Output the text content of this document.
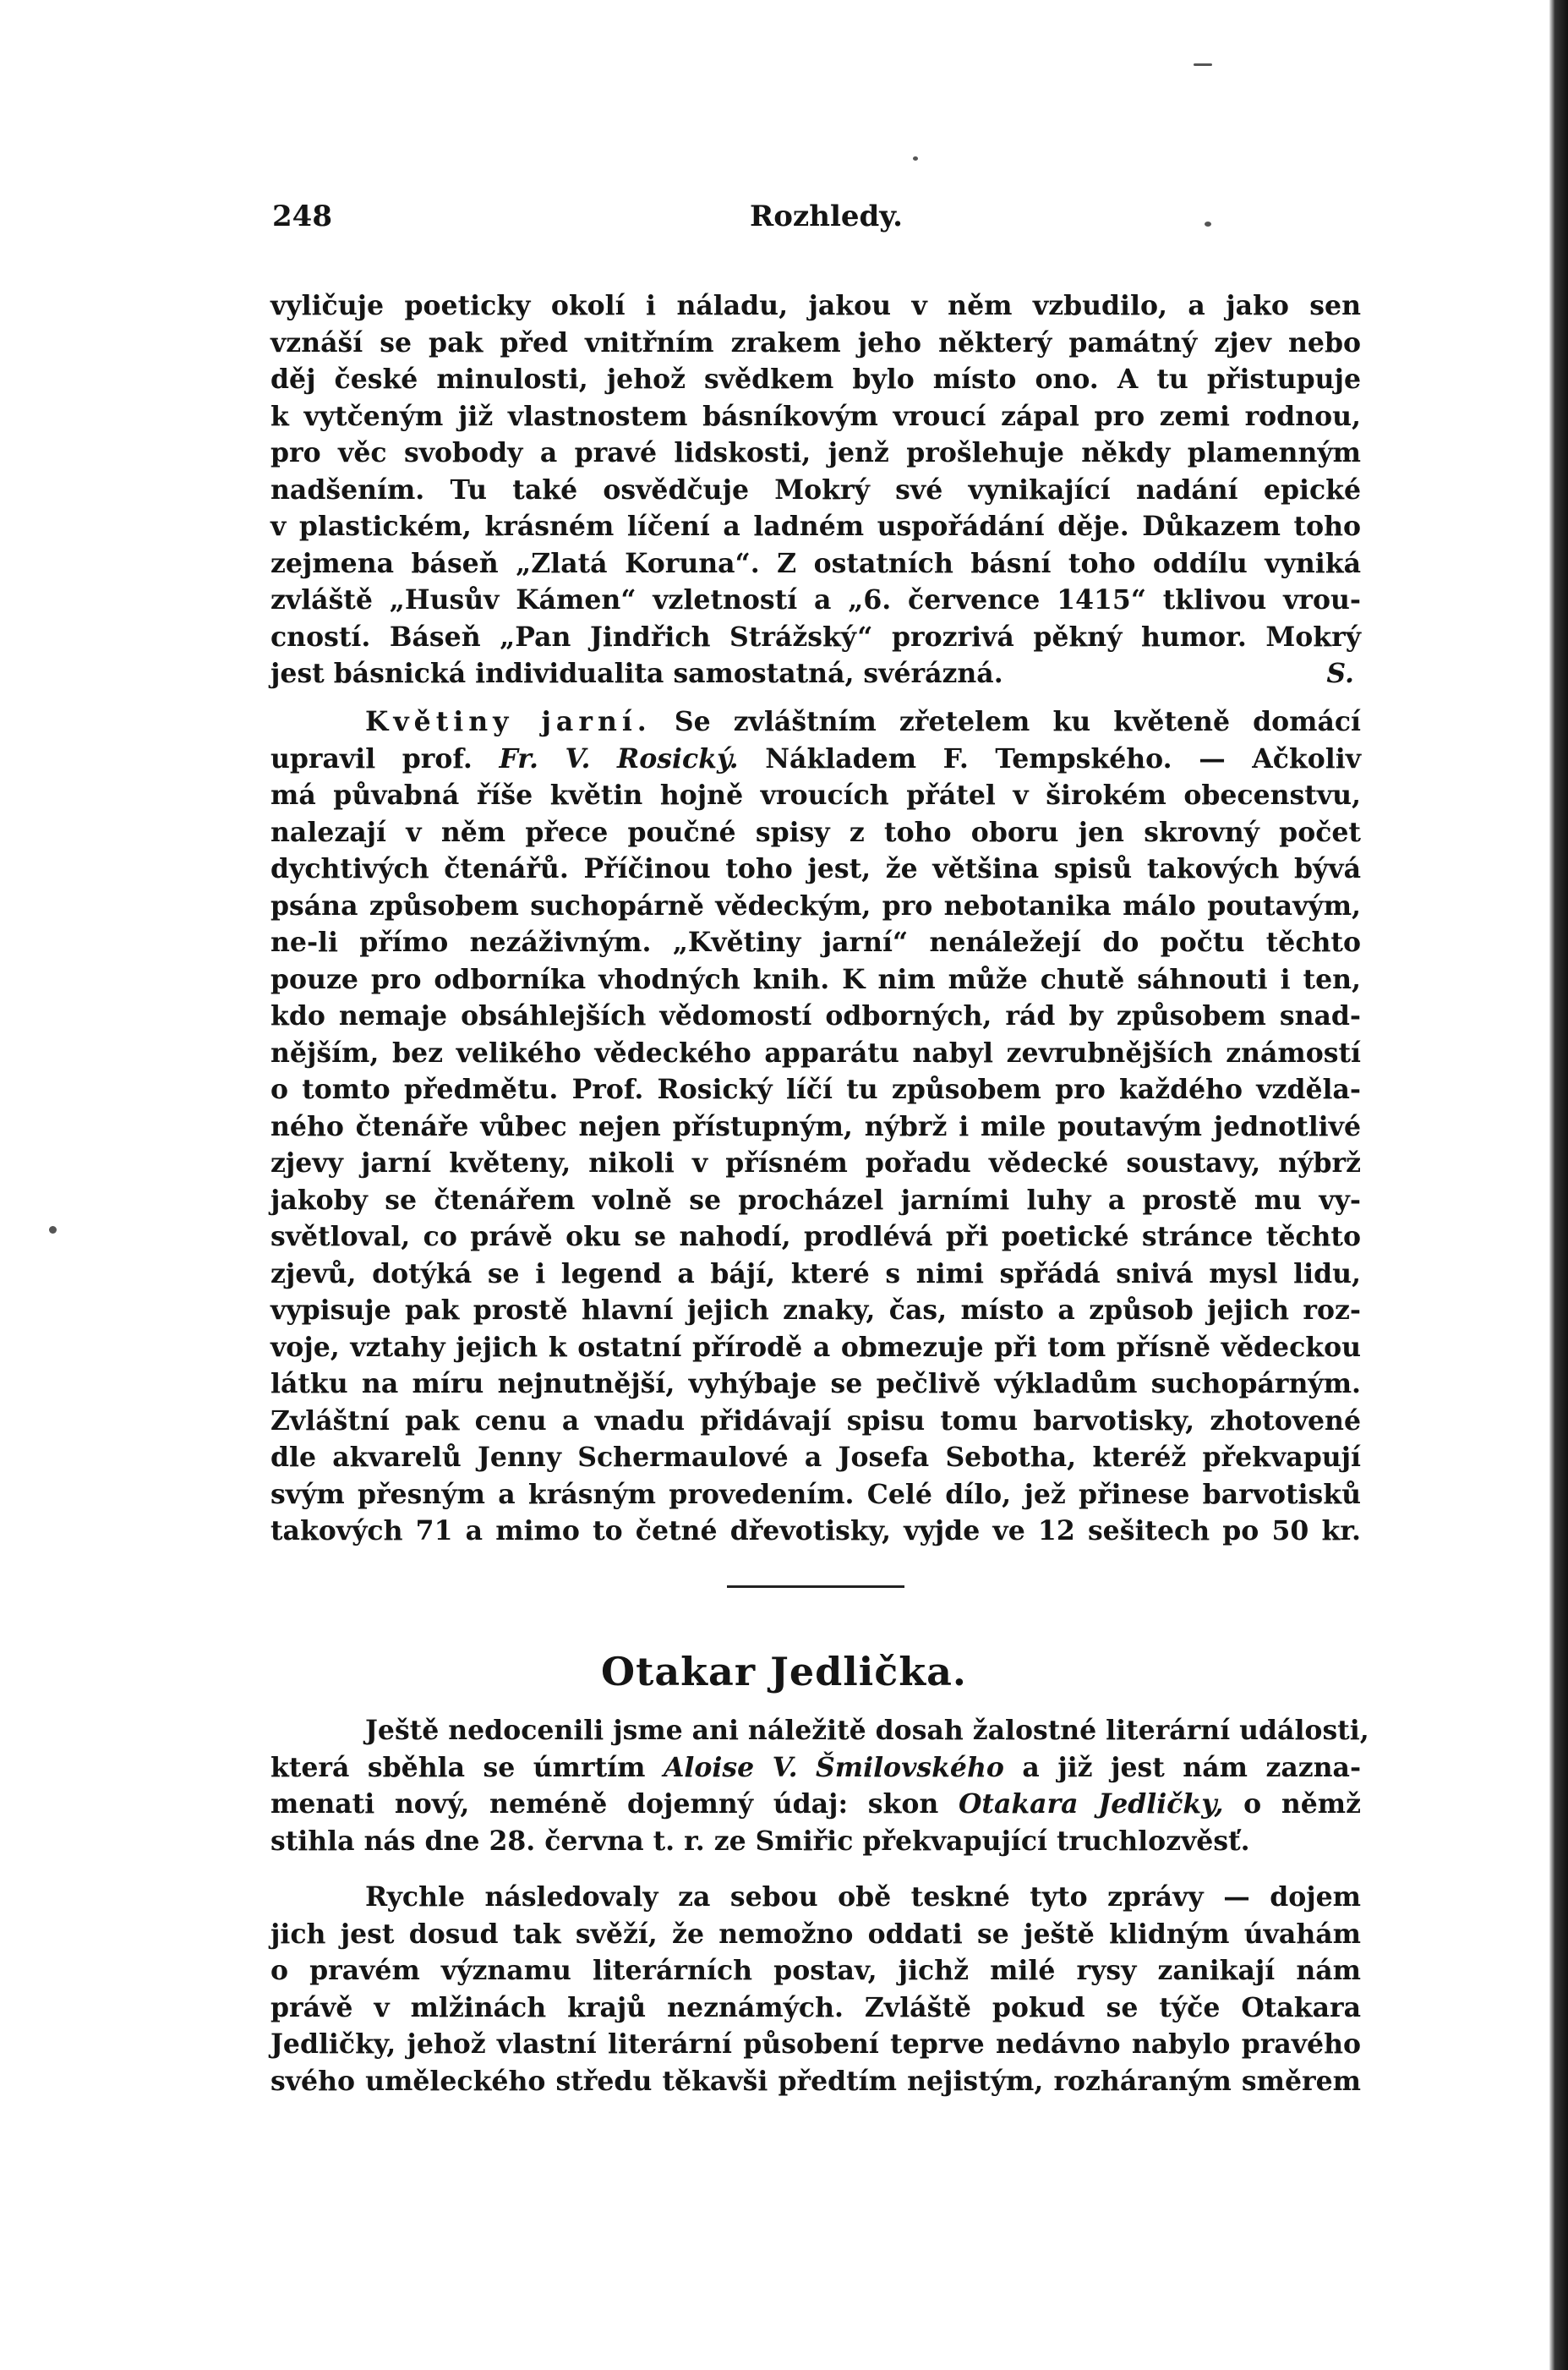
248	Rozhledy.
vyličuje poeticky okolí i náladu, jakou v něm vzbudilo, a jako sen
vznáší se pak před vnitřním zrakem jeho některý památný zjev nebo
děj české minulosti, jehož svědkem bylo místo ono. A tu přistupuje
k vytčeným již vlastnostem básníkovým vroucí zápal pro zemi rodnou,
pro věc svobody a pravé lidskosti, jenž prošlehuje někdy plamenným
nadšením. Tu také osvědčuje Mokrý své vynikající nadání epické
v plastickém, krásném líčení a ladném uspořádání děje. Důkazem toho
zejmena báseň „Zlatá Koruna“. Z ostatních básní toho oddílu vyniká
zvláště „Husův Kámen“ vzletností a „6. července 1415“ tklivou vrou-
cností. Báseň „Pan Jindřich Strážský“ prozrivá pěkný humor. Mokrý
jest básnická individualita samostatná, svérázná.	S.
Květiny jarní. Se zvláštním zřetelem ku květeně domácí
upravil prof. Fr. V. Rosický. Nákladem F. Tempského. — Ačkoliv
má půvabná říše květin hojně vroucích přátel v širokém obecenstvu,
nalezají v něm přece poučné spisy z toho oboru jen skrovný počet
dychtivých čtenářů. Příčinou toho jest, že většina spisů takových bývá
psána způsobem suchopárně vědeckým, pro nebotanika málo poutavým,
ne-li přímo nezáživným. „Květiny jarní“ nenáležejí do počtu těchto
pouze pro odborníka vhodných knih. K nim může chutě sáhnouti i ten,
kdo nemaje obsáhlejších vědomostí odborných, rád by způsobem snad-
nějším, bez velikého vědeckého apparátu nabyl zevrubnějších známostí
o tomto předmětu. Prof. Rosický líčí tu způsobem pro každého vzděla-
ného čtenáře vůbec nejen přístupným, nýbrž i mile poutavým jednotlivé
zjevy jarní květeny, nikoli v přísném pořadu vědecké soustavy, nýbrž
jakoby se čtenářem volně se procházel jarními luhy a prostě mu vy-
světloval, co právě oku se nahodí, prodlévá při poetické stránce těchto
zjevů, dotýká se i legend a bájí, které s nimi spřádá snivá mysl lidu,
vypisuje pak prostě hlavní jejich znaky, čas, místo a způsob jejich roz-
voje, vztahy jejich k ostatní přírodě a obmezuje při tom přísně vědeckou
látku na míru nejnutnější, vyhýbaje se pečlivě výkladům suchopárným.
Zvláštní pak cenu a vnadu přidávají spisu tomu barvotisky, zhotovené
dle akvarelů Jenny Schermaulové a Josefa Sebotha, kteréž překvapují
svým přesným a krásným provedením. Celé dílo, jež přinese barvotisků
takových 71 a mimo to četné dřevotisky, vyjde ve 12 sešitech po 50 kr.
Otakar Jedlička.
Ještě nedocenili jsme ani náležitě dosah žalostné literární události,
která sběhla se úmrtím Aloise V. Šmilovského a již jest nám zazna-
menati nový, neméně dojemný údaj: skon Otakara Jedličky, o němž
stihla nás dne 28. června t. r. ze Smiřic překvapující truchlozvěsť.
Rychle následovaly za sebou obě teskné tyto zprávy — dojem
jich jest dosud tak svěží, že nemožno oddati se ještě klidným úvahám
o pravém významu literárních postav, jichž milé rysy zanikají nám
právě v mlžinách krajů neznámých. Zvláště pokud se týče Otakara
Jedličky, jehož vlastní literární působení teprve nedávno nabylo pravého
svého uměleckého středu těkavši předtím nejistým, rozháraným směrem
